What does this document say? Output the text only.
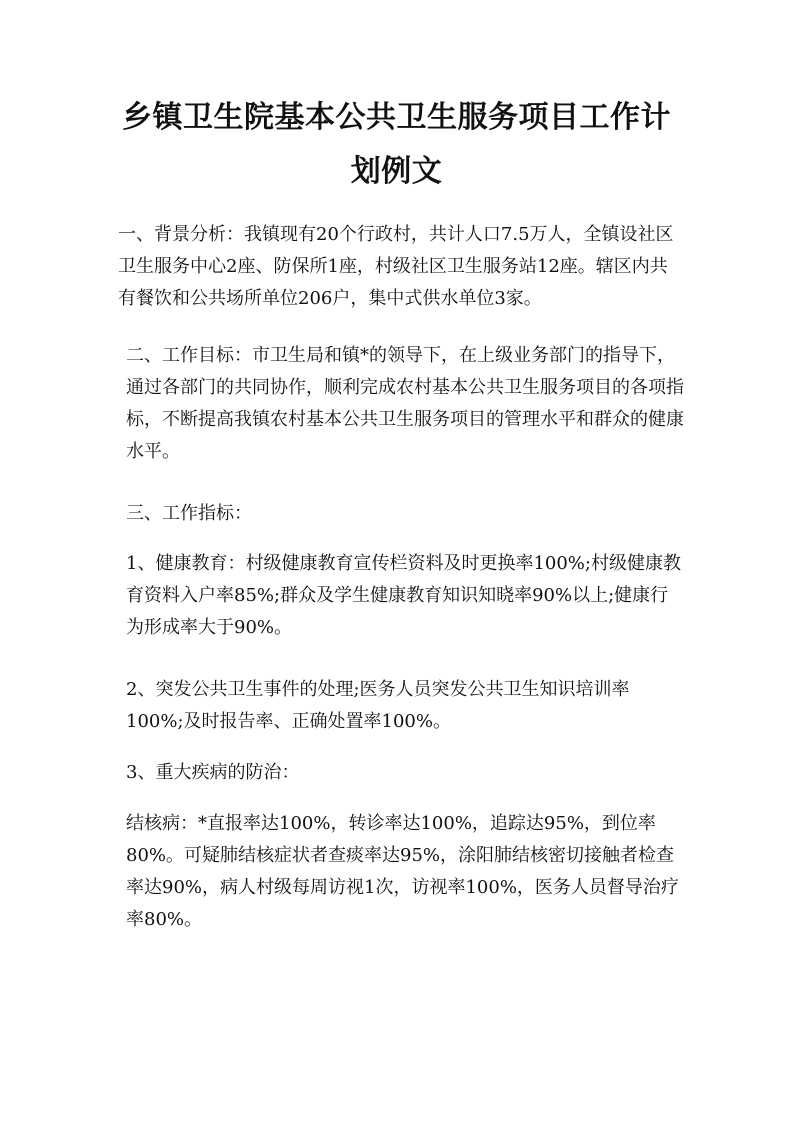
乡镇卫生院基本公共卫生服务项目工作计
划例文

一、背景分析：我镇现有20个行政村，共计人口7.5万人，全镇设社区卫生服务中心2座、防保所1座，村级社区卫生服务站12座。辖区内共有餐饮和公共场所单位206户，集中式供水单位3家。

二、工作目标：市卫生局和镇*的领导下，在上级业务部门的指导下，通过各部门的共同协作，顺利完成农村基本公共卫生服务项目的各项指标，不断提高我镇农村基本公共卫生服务项目的管理水平和群众的健康水平。

三、工作指标：

1、健康教育：村级健康教育宣传栏资料及时更换率100%;村级健康教育资料入户率85%;群众及学生健康教育知识知晓率90%以上;健康行为形成率大于90%。

2、突发公共卫生事件的处理;医务人员突发公共卫生知识培训率100%;及时报告率、正确处置率100%。

3、重大疾病的防治：

结核病：*直报率达100%，转诊率达100%，追踪达95%，到位率80%。可疑肺结核症状者查痰率达95%，涂阳肺结核密切接触者检查率达90%，病人村级每周访视1次，访视率100%，医务人员督导治疗率80%。
